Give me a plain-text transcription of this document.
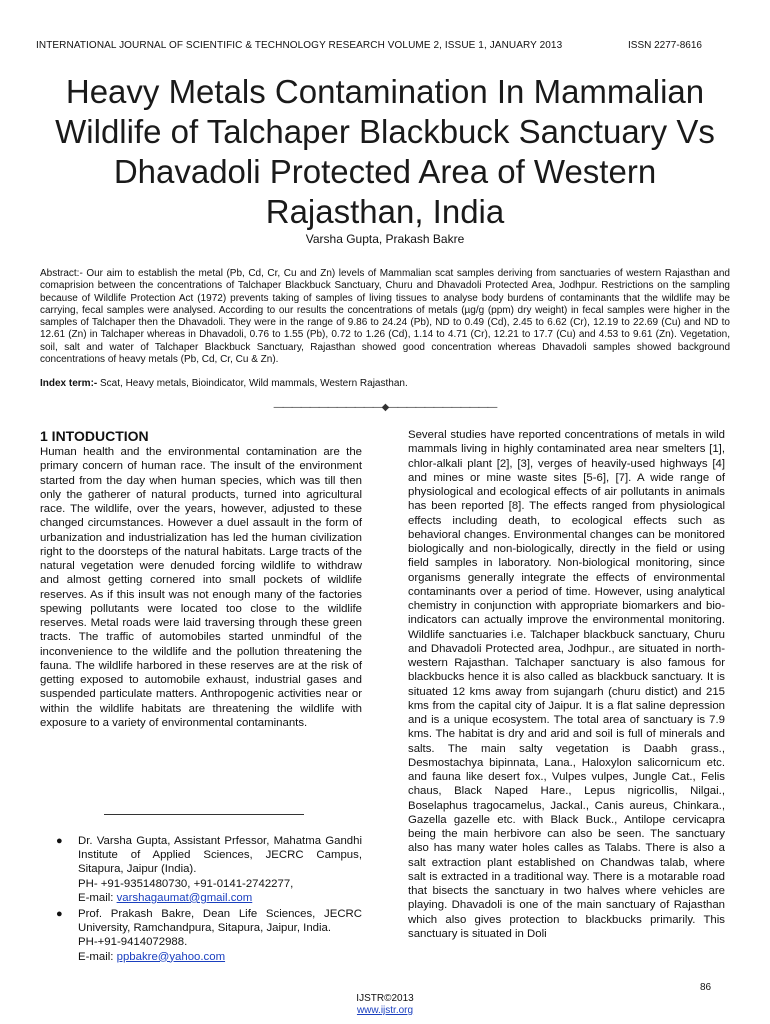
INTERNATIONAL JOURNAL OF SCIENTIFIC & TECHNOLOGY RESEARCH VOLUME 2, ISSUE 1, JANUARY 2013	ISSN 2277-8616
Heavy Metals Contamination In Mammalian Wildlife of Talchaper Blackbuck Sanctuary Vs Dhavadoli Protected Area of Western Rajasthan, India
Varsha Gupta, Prakash Bakre
Abstract:- Our aim to establish the metal (Pb, Cd, Cr, Cu and Zn) levels of Mammalian scat samples deriving from sanctuaries of western Rajasthan and comaprision between the concentrations of Talchaper Blackbuck Sanctuary, Churu and Dhavadoli Protected Area, Jodhpur. Restrictions on the sampling because of Wildlife Protection Act (1972) prevents taking of samples of living tissues to analyse body burdens of contaminants that the wildlife may be carrying, fecal samples were analysed. According to our results the concentrations of metals (µg/g (ppm) dry weight) in fecal samples were higher in the samples of Talchaper then the Dhavadoli. They were in the range of 9.86 to 24.24 (Pb), ND to 0.49 (Cd), 2.45 to 6.62 (Cr), 12.19 to 22.69 (Cu) and ND to 12.61 (Zn) in Talchaper whereas in Dhavadoli, 0.76 to 1.55 (Pb), 0.72 to 1.26 (Cd), 1.14 to 4.71 (Cr), 12.21 to 17.7 (Cu) and 4.53 to 9.61 (Zn). Vegetation, soil, salt and water of Talchaper Blackbuck Sanctuary, Rajasthan showed good concentration whereas Dhavadoli samples showed background concentrations of heavy metals (Pb, Cd, Cr, Cu & Zn).
Index term:- Scat, Heavy metals, Bioindicator, Wild mammals, Western Rajasthan.
————————————◆————————————
1 INTODUCTION
Human health and the environmental contamination are the primary concern of human race. The insult of the environment started from the day when human species, which was till then only the gatherer of natural products, turned into agricultural race. The wildlife, over the years, however, adjusted to these changed circumstances. However a duel assault in the form of urbanization and industrialization has led the human civilization right to the doorsteps of the natural habitats. Large tracts of the natural vegetation were denuded forcing wildlife to withdraw and almost getting cornered into small pockets of wildlife reserves. As if this insult was not enough many of the factories spewing pollutants were located too close to the wildlife reserves. Metal roads were laid traversing through these green tracts. The traffic of automobiles started unmindful of the inconvenience to the wildlife and the pollution threatening the fauna. The wildlife harbored in these reserves are at the risk of getting exposed to automobile exhaust, industrial gases and suspended particulate matters. Anthropogenic activities near or within the wildlife habitats are threatening the wildlife with exposure to a variety of environmental contaminants.
Several studies have reported concentrations of metals in wild mammals living in highly contaminated area near smelters [1], chlor-alkali plant [2], [3], verges of heavily-used highways [4] and mines or mine waste sites [5-6], [7]. A wide range of physiological and ecological effects of air pollutants in animals has been reported [8]. The effects ranged from physiological effects including death, to ecological effects such as behavioral changes. Environmental changes can be monitored biologically and non-biologically, directly in the field or using field samples in laboratory. Non-biological monitoring, since organisms generally integrate the effects of environmental contaminants over a period of time. However, using analytical chemistry in conjunction with appropriate biomarkers and bio-indicators can actually improve the environmental monitoring. Wildlife sanctuaries i.e. Talchaper blackbuck sanctuary, Churu and Dhavadoli Protected area, Jodhpur., are situated in north-western Rajasthan. Talchaper sanctuary is also famous for blackbucks hence it is also called as blackbuck sanctuary. It is situated 12 kms away from sujangarh (churu distict) and 215 kms from the capital city of Jaipur. It is a flat saline depression and is a unique ecosystem. The total area of sanctuary is 7.9 kms. The habitat is dry and arid and soil is full of minerals and salts. The main salty vegetation is Daabh grass., Desmostachya bipinnata, Lana., Haloxylon salicornicum etc. and fauna like desert fox., Vulpes vulpes, Jungle Cat., Felis chaus, Black Naped Hare., Lepus nigricollis, Nilgai., Boselaphus tragocamelus, Jackal., Canis aureus, Chinkara., Gazella gazelle etc. with Black Buck., Antilope cervicapra being the main herbivore can also be seen. The sanctuary also has many water holes calles as Talabs. There is also a salt extraction plant established on Chandwas talab, where salt is extracted in a traditional way. There is a motarable road that bisects the sanctuary in two halves where vehicles are playing. Dhavadoli is one of the main sanctuary of Rajasthan which also gives protection to blackbucks primarily. This sanctuary is situated in Doli
● Dr. Varsha Gupta, Assistant Prfessor, Mahatma Gandhi Institute of Applied Sciences, JECRC Campus, Sitapura, Jaipur (India).
PH- +91-9351480730, +91-0141-2742277,
E-mail: varshagaumat@gmail.com
● Prof. Prakash Bakre, Dean Life Sciences, JECRC University, Ramchandpura, Sitapura, Jaipur, India.
PH-+91-9414072988.
E-mail: ppbakre@yahoo.com
86
IJSTR©2013
www.ijstr.org
